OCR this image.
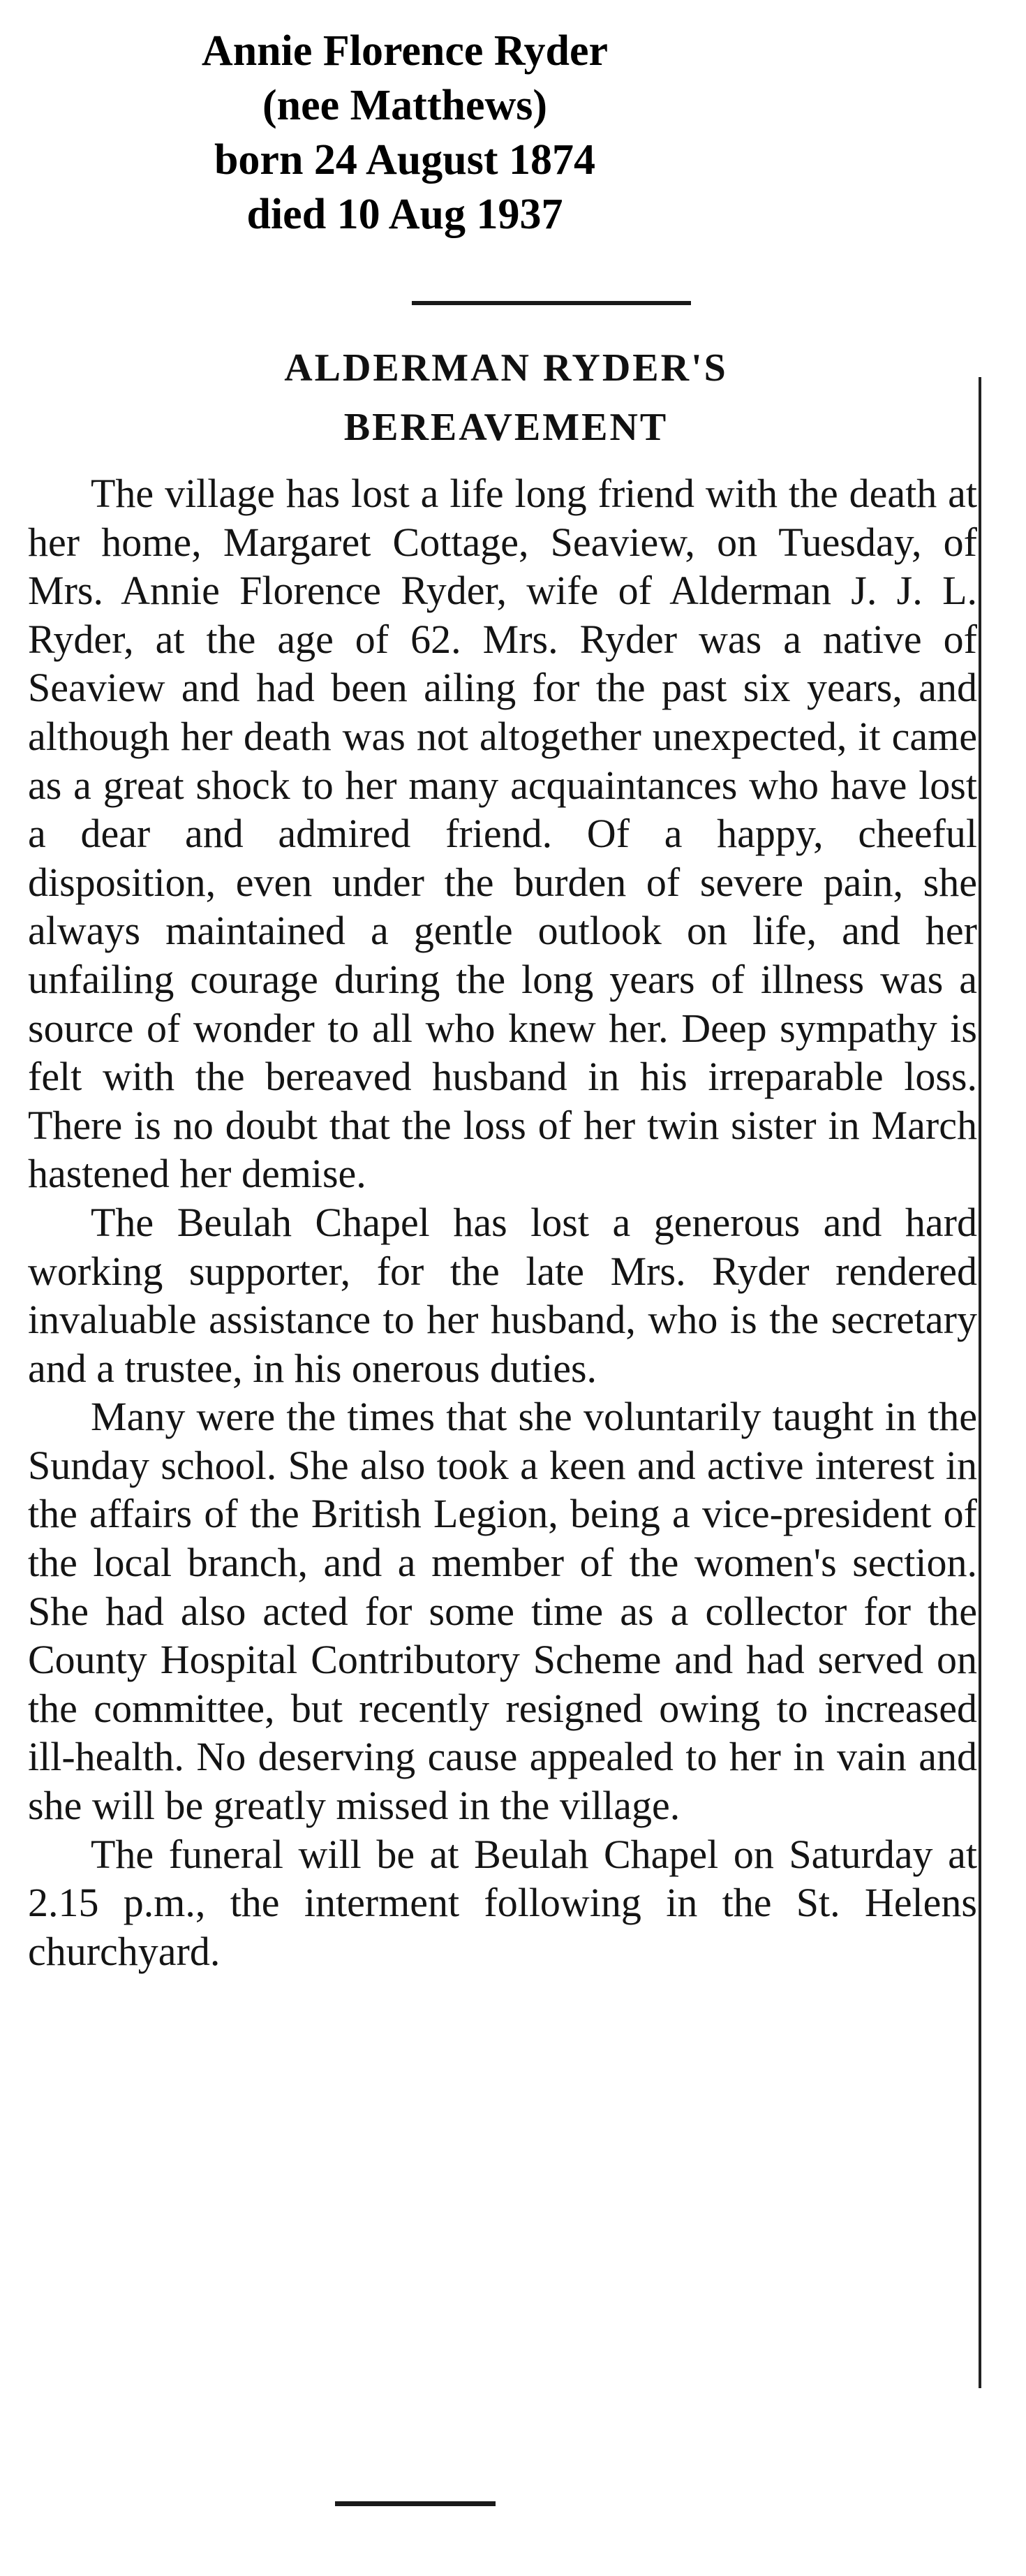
Annie Florence Ryder
(nee Matthews)
born 24 August 1874
died 10 Aug 1937
ALDERMAN RYDER'S
BEREAVEMENT

The village has lost a life long friend with the death at her home, Margaret Cottage, Seaview, on Tuesday, of Mrs. Annie Florence Ryder, wife of Alderman J. J. L. Ryder, at the age of 62. Mrs. Ryder was a native of Seaview and had been ailing for the past six years, and although her death was not altogether unexpected, it came as a great shock to her many acquaintances who have lost a dear and admired friend. Of a happy, cheeful disposition, even under the burden of severe pain, she always maintained a gentle outlook on life, and her unfailing courage during the long years of illness was a source of wonder to all who knew her. Deep sympathy is felt with the bereaved husband in his irreparable loss. There is no doubt that the loss of her twin sister in March hastened her demise.

The Beulah Chapel has lost a generous and hard working supporter, for the late Mrs. Ryder rendered invaluable assistance to her husband, who is the secretary and a trustee, in his onerous duties.

Many were the times that she voluntarily taught in the Sunday school. She also took a keen and active interest in the affairs of the British Legion, being a vice-president of the local branch, and a member of the women's section. She had also acted for some time as a collector for the County Hospital Contributory Scheme and had served on the committee, but recently resigned owing to increased ill-health. No deserving cause appealed to her in vain and she will be greatly missed in the village.

The funeral will be at Beulah Chapel on Saturday at 2.15 p.m., the interment following in the St. Helens churchyard.
